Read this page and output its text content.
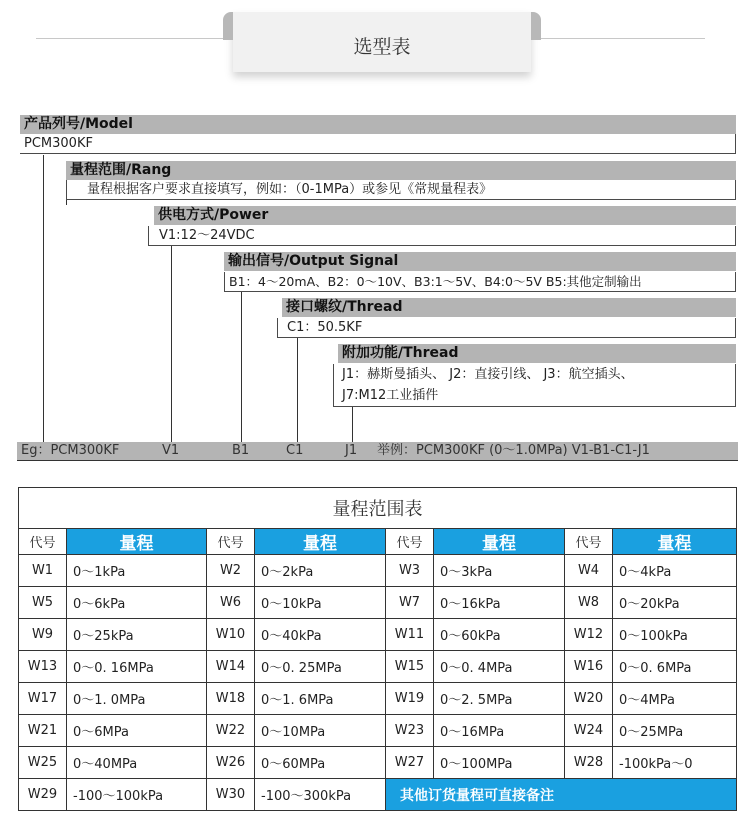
选型表
产品列号/Model
PCM300KF
量程范围/Rang
量程根据客户要求直接填写，例如：（0-1MPa）或参见《常规量程表》
供电方式/Power
V1:12～24VDC
输出信号/Output Signal
B1：4～20mA、B2：0～10V、B3:1～5V、B4:0～5V B5:其他定制输出
接口螺纹/Thread
C1：50.5KF
附加功能/Thread
J1：赫斯曼插头、 J2：直接引线、 J3：航空插头、
J7:M12工业插件
Eg：PCM300KF	V1	B1	C1	J1 举例：PCM300KF (0～1.0MPa) V1-B1-C1-J1
量程范围表							
代号	量程	代号	量程	代号	量程	代号	量程
W1	0～1kPa	W2	0～2kPa	W3	0～3kPa	W4	0～4kPa
W5	0～6kPa	W6	0～10kPa	W7	0～16kPa	W8	0～20kPa
W9	0～25kPa	W10	0～40kPa	W11	0～60kPa	W12	0～100kPa
W13	0～0. 16MPa	W14	0～0. 25MPa	W15	0～0. 4MPa	W16	0～0. 6MPa
W17	0～1. 0MPa	W18	0～1. 6MPa	W19	0～2. 5MPa	W20	0～4MPa
W21	0～6MPa	W22	0～10MPa	W23	0～16MPa	W24	0～25MPa
W25	0～40MPa	W26	0～60MPa	W27	0～100MPa	W28	-100kPa～0
W29	-100～100kPa	W30	-100～300kPa	其他订货量程可直接备注			
